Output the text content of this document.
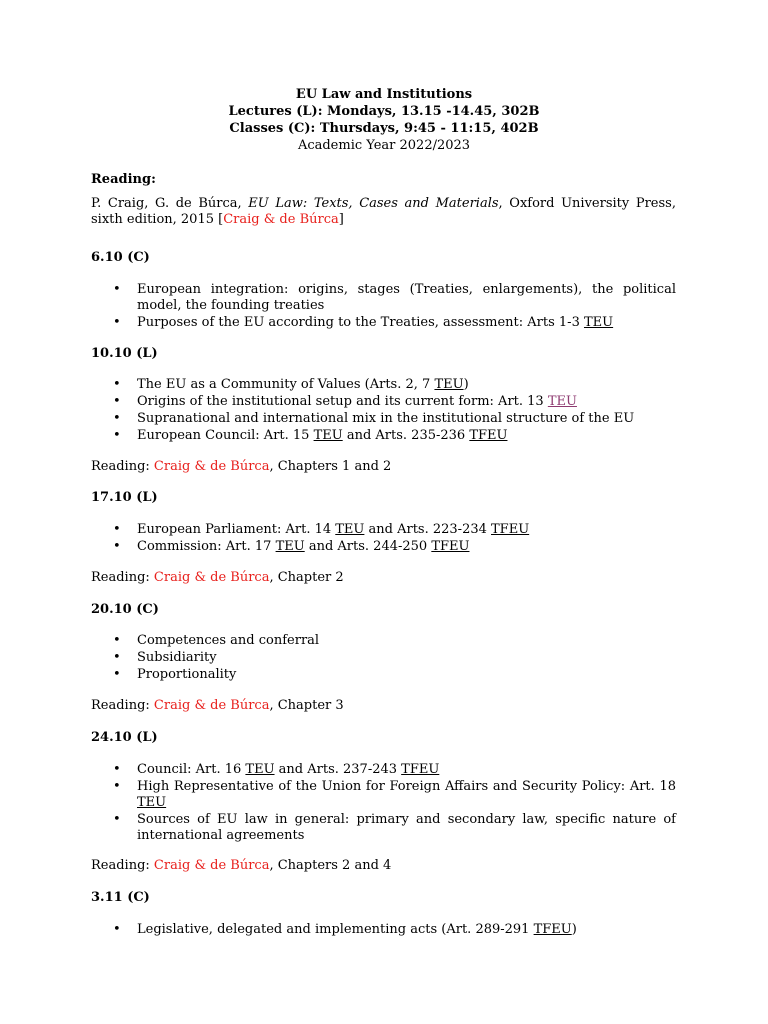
EU Law and Institutions
Lectures (L): Mondays, 13.15 -14.45, 302B
Classes (C): Thursdays, 9:45 - 11:15, 402B
Academic Year 2022/2023
Reading:
P. Craig, G. de Búrca, EU Law: Texts, Cases and Materials, Oxford University Press, sixth edition, 2015 [Craig & de Búrca]
6.10 (C)
• European integration: origins, stages (Treaties, enlargements), the political model, the founding treaties
• Purposes of the EU according to the Treaties, assessment: Arts 1-3 TEU
10.10 (L)
• The EU as a Community of Values (Arts. 2, 7 TEU)
• Origins of the institutional setup and its current form: Art. 13 TEU
• Supranational and international mix in the institutional structure of the EU
• European Council: Art. 15 TEU and Arts. 235-236 TFEU
Reading: Craig & de Búrca, Chapters 1 and 2
17.10 (L)
• European Parliament: Art. 14 TEU and Arts. 223-234 TFEU
• Commission: Art. 17 TEU and Arts. 244-250 TFEU
Reading: Craig & de Búrca, Chapter 2
20.10 (C)
• Competences and conferral
• Subsidiarity
• Proportionality
Reading: Craig & de Búrca, Chapter 3
24.10 (L)
• Council: Art. 16 TEU and Arts. 237-243 TFEU
• High Representative of the Union for Foreign Affairs and Security Policy: Art. 18 TEU
• Sources of EU law in general: primary and secondary law, specific nature of international agreements
Reading: Craig & de Búrca, Chapters 2 and 4
3.11 (C)
• Legislative, delegated and implementing acts (Art. 289-291 TFEU)
